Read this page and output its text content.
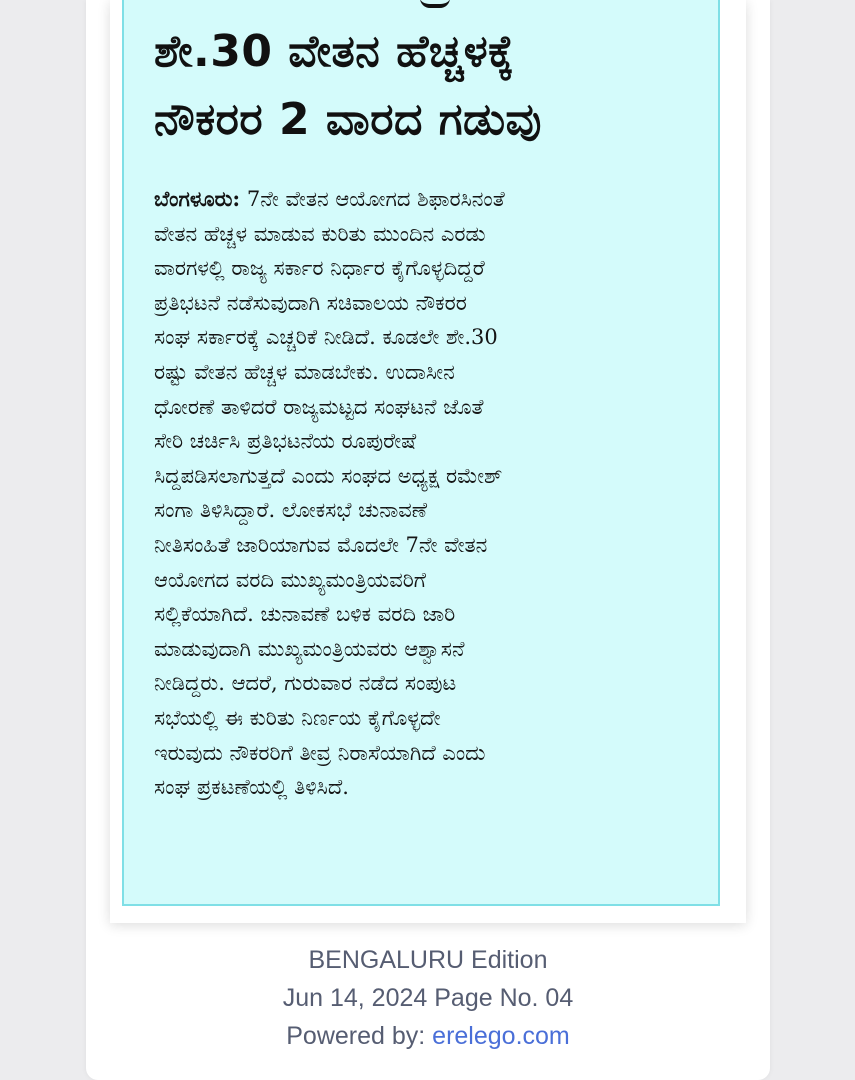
ಶೇ.30 ವೇತನ ಹೆಚ್ಚಳಕ್ಕೆ
ನೌಕರರ 2 ವಾರದ ಗಡುವು
ಬೆಂಗಳೂರು: 7ನೇ ವೇತನ ಆಯೋಗದ ಶಿಫಾರಸಿನಂತೆ
ವೇತನ ಹೆಚ್ಚಳ ಮಾಡುವ ಕುರಿತು ಮುಂದಿನ ಎರಡು
ವಾರಗಳಲ್ಲಿ ರಾಜ್ಯ ಸರ್ಕಾರ ನಿರ್ಧಾರ ಕೈಗೊಳ್ಳದಿದ್ದರೆ
ಪ್ರತಿಭಟನೆ ನಡೆಸುವುದಾಗಿ ಸಚಿವಾಲಯ ನೌಕರರ
ಸಂಘ ಸರ್ಕಾರಕ್ಕೆ ಎಚ್ಚರಿಕೆ ನೀಡಿದೆ. ಕೂಡಲೇ ಶೇ.30
ರಷ್ಟು ವೇತನ ಹೆಚ್ಚಳ ಮಾಡಬೇಕು. ಉದಾಸೀನ
ಧೋರಣೆ ತಾಳಿದರೆ ರಾಜ್ಯಮಟ್ಟದ ಸಂಘಟನೆ ಜೊತೆ
ಸೇರಿ ಚರ್ಚಿಸಿ ಪ್ರತಿಭಟನೆಯ ರೂಪುರೇಷೆ
ಸಿದ್ದಪಡಿಸಲಾಗುತ್ತದೆ ಎಂದು ಸಂಘದ ಅಧ್ಯಕ್ಷ ರಮೇಶ್
ಸಂಗಾ ತಿಳಿಸಿದ್ದಾರೆ. ಲೋಕಸಭೆ ಚುನಾವಣೆ
ನೀತಿಸಂಹಿತೆ ಜಾರಿಯಾಗುವ ಮೊದಲೇ 7ನೇ ವೇತನ
ಆಯೋಗದ ವರದಿ ಮುಖ್ಯಮಂತ್ರಿಯವರಿಗೆ
ಸಲ್ಲಿಕೆಯಾಗಿದೆ. ಚುನಾವಣೆ ಬಳಿಕ ವರದಿ ಜಾರಿ
ಮಾಡುವುದಾಗಿ ಮುಖ್ಯಮಂತ್ರಿಯವರು ಆಶ್ವಾಸನೆ
ನೀಡಿದ್ದರು. ಆದರೆ, ಗುರುವಾರ ನಡೆದ ಸಂಪುಟ
ಸಭೆಯಲ್ಲಿ ಈ ಕುರಿತು ನಿರ್ಣಯ ಕೈಗೊಳ್ಳದೇ
ಇರುವುದು ನೌಕರರಿಗೆ ತೀವ್ರ ನಿರಾಸೆಯಾಗಿದೆ ಎಂದು
ಸಂಘ ಪ್ರಕಟಣೆಯಲ್ಲಿ ತಿಳಿಸಿದೆ.
BENGALURU Edition
Jun 14, 2024 Page No. 04
Powered by: erelego.com
